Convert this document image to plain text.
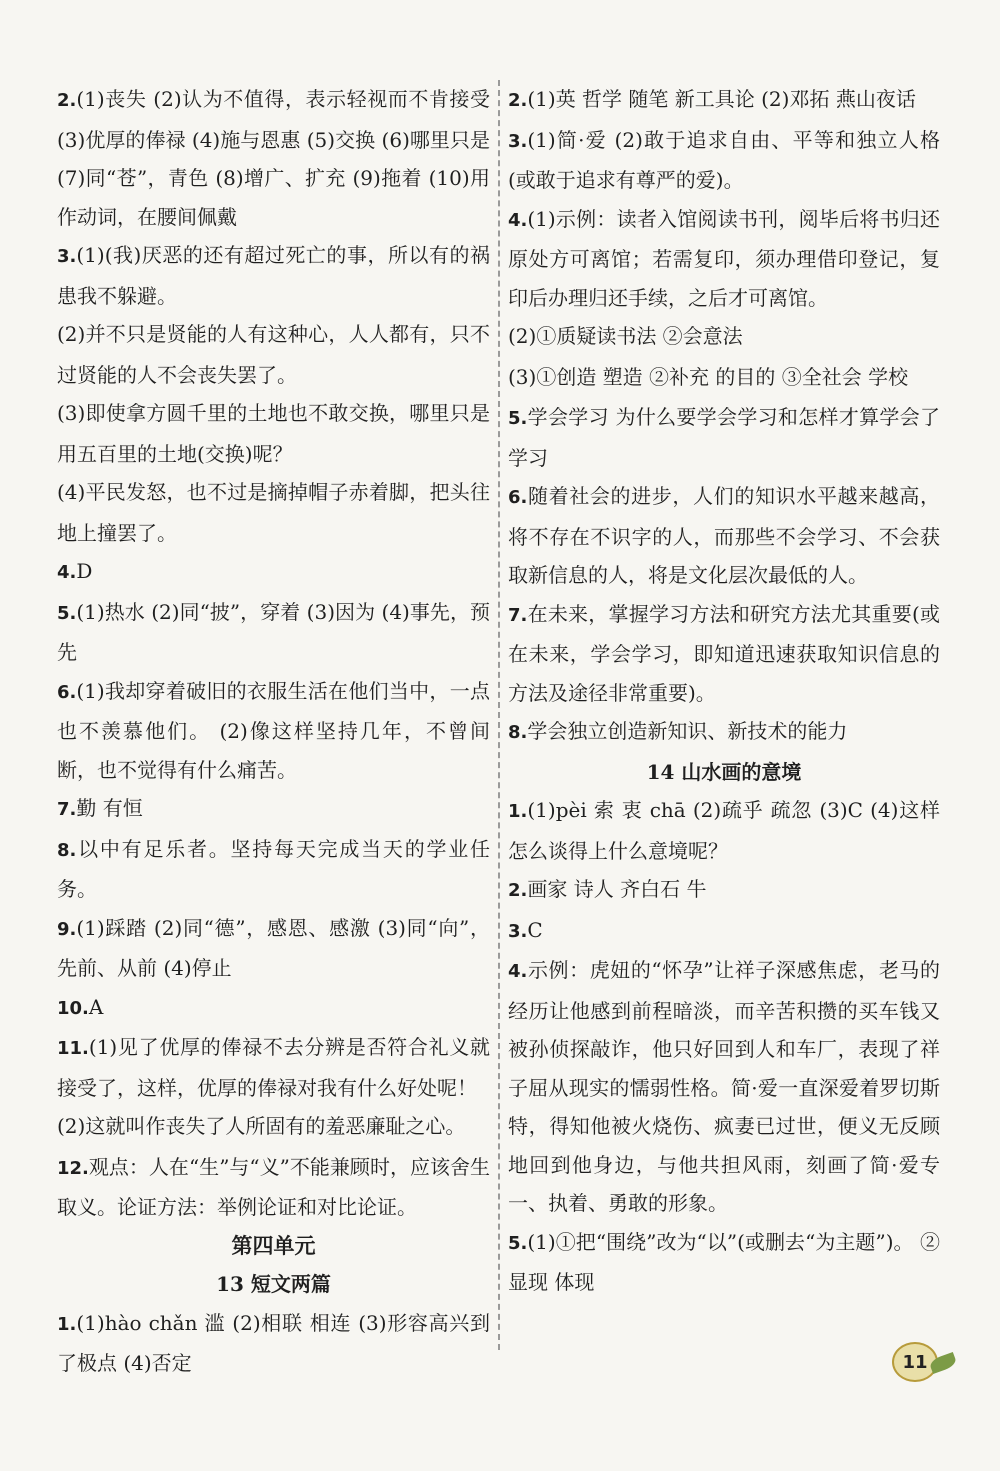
2.(1)丧失 (2)认为不值得，表示轻视而不肯接受 (3)优厚的俸禄 (4)施与恩惠 (5)交换 (6)哪里只是 (7)同“苍”，青色 (8)增广、扩充 (9)拖着 (10)用作动词，在腰间佩戴
3.(1)(我)厌恶的还有超过死亡的事，所以有的祸患我不躲避。
(2)并不只是贤能的人有这种心，人人都有，只不过贤能的人不会丧失罢了。
(3)即使拿方圆千里的土地也不敢交换，哪里只是用五百里的土地(交换)呢？
(4)平民发怒，也不过是摘掉帽子赤着脚，把头往地上撞罢了。
4.D
5.(1)热水 (2)同“披”，穿着 (3)因为 (4)事先，预先
6.(1)我却穿着破旧的衣服生活在他们当中，一点也不羡慕他们。 (2)像这样坚持几年，不曾间断，也不觉得有什么痛苦。
7.勤 有恒
8.以中有足乐者。坚持每天完成当天的学业任务。
9.(1)踩踏 (2)同“德”，感恩、感激 (3)同“向”，先前、从前 (4)停止
10.A
11.(1)见了优厚的俸禄不去分辨是否符合礼义就接受了，这样，优厚的俸禄对我有什么好处呢！
(2)这就叫作丧失了人所固有的羞恶廉耻之心。
12.观点：人在“生”与“义”不能兼顾时，应该舍生取义。论证方法：举例论证和对比论证。
第四单元
13 短文两篇
1.(1)hào chǎn 滥 (2)相联 相连 (3)形容高兴到了极点 (4)否定
2.(1)英 哲学 随笔 新工具论 (2)邓拓 燕山夜话
3.(1)简·爱 (2)敢于追求自由、平等和独立人格(或敢于追求有尊严的爱)。
4.(1)示例：读者入馆阅读书刊，阅毕后将书归还原处方可离馆；若需复印，须办理借印登记，复印后办理归还手续，之后才可离馆。
(2)①质疑读书法 ②会意法
(3)①创造 塑造 ②补充 的目的 ③全社会 学校
5.学会学习 为什么要学会学习和怎样才算学会了学习
6.随着社会的进步，人们的知识水平越来越高，将不存在不识字的人，而那些不会学习、不会获取新信息的人，将是文化层次最低的人。
7.在未来，掌握学习方法和研究方法尤其重要(或在未来，学会学习，即知道迅速获取知识信息的方法及途径非常重要)。
8.学会独立创造新知识、新技术的能力
14 山水画的意境
1.(1)pèi 索 衷 chā (2)疏乎 疏忽 (3)C (4)这样怎么谈得上什么意境呢？
2.画家 诗人 齐白石 牛
3.C
4.示例：虎妞的“怀孕”让祥子深感焦虑，老马的经历让他感到前程暗淡，而辛苦积攒的买车钱又被孙侦探敲诈，他只好回到人和车厂，表现了祥子屈从现实的懦弱性格。简·爱一直深爱着罗切斯特，得知他被火烧伤、疯妻已过世，便义无反顾地回到他身边，与他共担风雨，刻画了简·爱专一、执着、勇敢的形象。
5.(1)①把“围绕”改为“以”(或删去“为主题”)。 ②显现 体现
11
